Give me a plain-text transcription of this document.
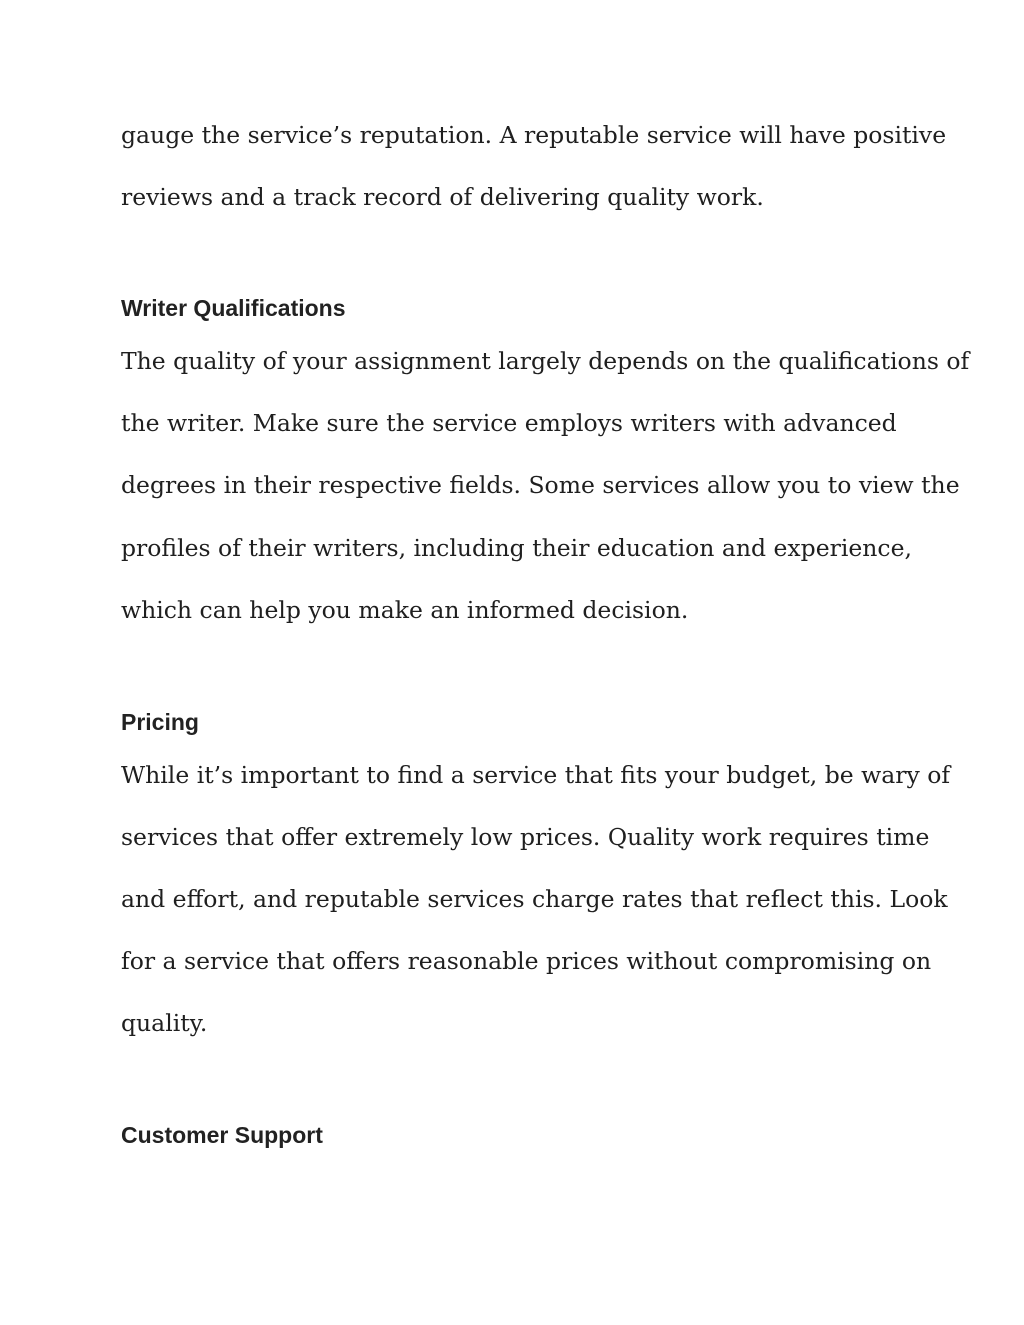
gauge the service’s reputation. A reputable service will have positive
reviews and a track record of delivering quality work.
Writer Qualifications
The quality of your assignment largely depends on the qualifications of
the writer. Make sure the service employs writers with advanced
degrees in their respective fields. Some services allow you to view the
profiles of their writers, including their education and experience,
which can help you make an informed decision.
Pricing
While it’s important to find a service that fits your budget, be wary of
services that offer extremely low prices. Quality work requires time
and effort, and reputable services charge rates that reflect this. Look
for a service that offers reasonable prices without compromising on
quality.
Customer Support
